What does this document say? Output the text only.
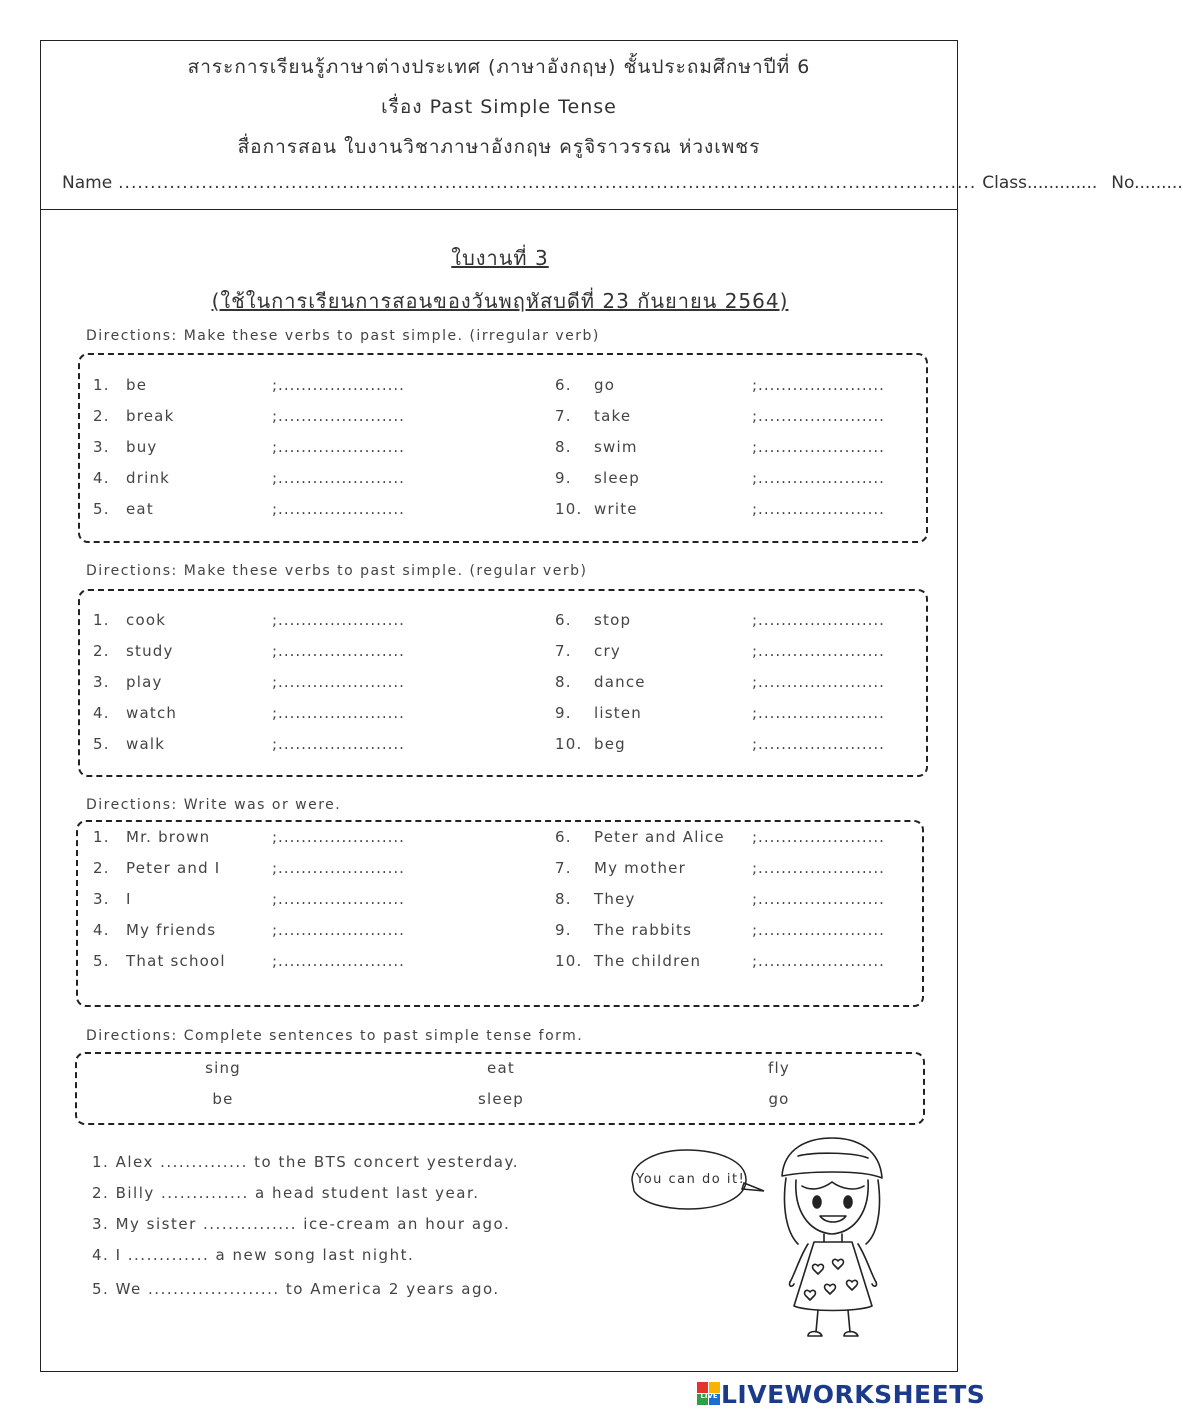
สาระการเรียนรู้ภาษาต่างประเทศ (ภาษาอังกฤษ) ชั้นประถมศึกษาปีที่ 6
เรื่อง Past Simple Tense
สื่อการสอน ใบงานวิชาภาษาอังกฤษ ครูจิราวรรณ ห่วงเพชร
Name ...................................................................................................................................... Class............. No.........
ใบงานที่ 3
(ใช้ในการเรียนการสอนของวันพฤหัสบดีที่ 23 กันยายน 2564)
Directions: Make these verbs to past simple. (irregular verb)
1. be	;......................
2. break	;......................
3. buy	;......................
4. drink	;......................
5. eat	;......................
6. go	;......................
7. take	;......................
8. swim	;......................
9. sleep	;......................
10. write	;......................
Directions: Make these verbs to past simple. (regular verb)
1. cook	;......................
2. study	;......................
3. play	;......................
4. watch	;......................
5. walk	;......................
6. stop	;......................
7. cry	;......................
8. dance	;......................
9. listen	;......................
10. beg	;......................
Directions: Write was or were.
1. Mr. brown	;......................
2. Peter and I	;......................
3. I	;......................
4. My friends	;......................
5. That school	;......................
6. Peter and Alice ;......................
7. My mother	;......................
8. They	;......................
9. The rabbits	;......................
10. The children	;......................
Directions: Complete sentences to past simple tense form.
sing	eat	fly
be	sleep	go
1. Alex .............. to the BTS concert yesterday.
2. Billy .............. a head student last year.
3. My sister ............... ice-cream an hour ago.
4. I ............. a new song last night.
5. We ..................... to America 2 years ago.
You can do it!
LIVE LIVEWORKSHEETS
